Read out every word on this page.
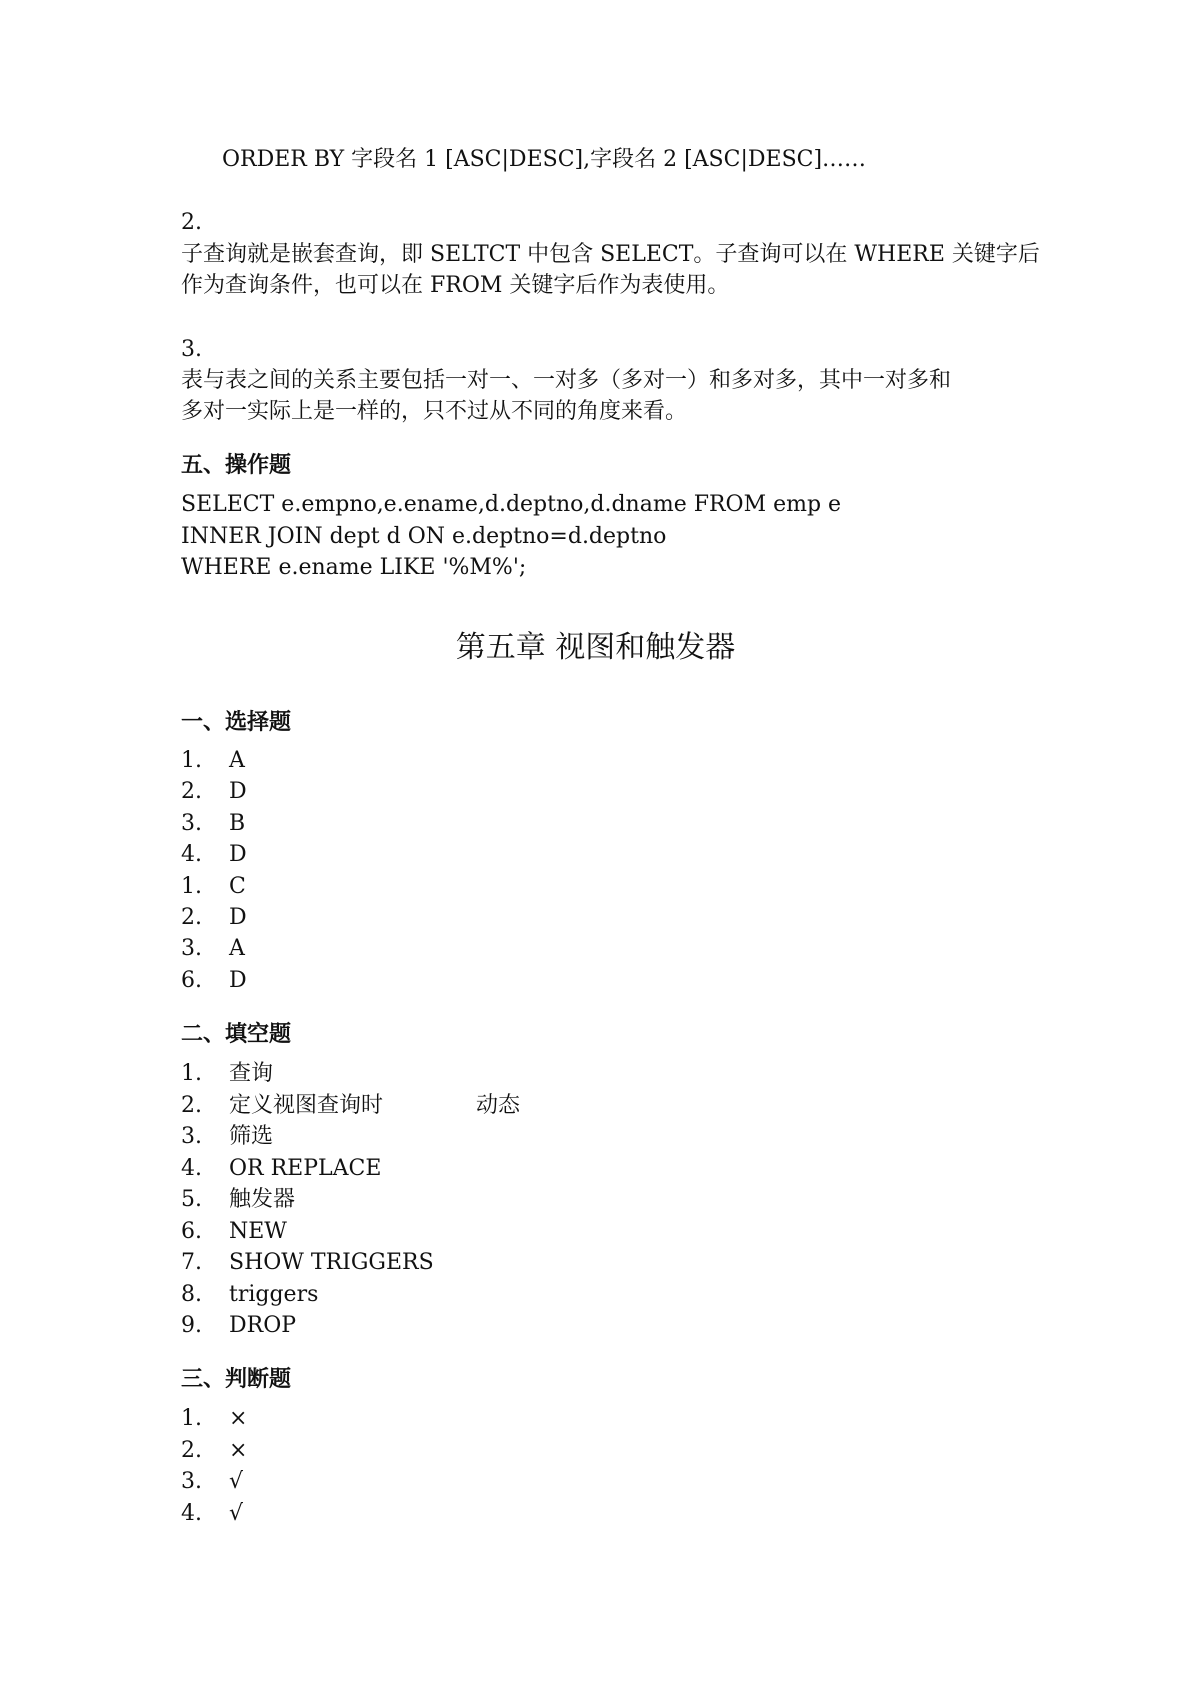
ORDER BY 字段名 1 [ASC|DESC],字段名 2 [ASC|DESC]……
2.
子查询就是嵌套查询，即 SELTCT 中包含 SELECT。子查询可以在 WHERE 关键字后
作为查询条件，也可以在 FROM 关键字后作为表使用。
3.
表与表之间的关系主要包括一对一、一对多（多对一）和多对多，其中一对多和
多对一实际上是一样的，只不过从不同的角度来看。
五、操作题
SELECT e.empno,e.ename,d.deptno,d.dname FROM emp e
INNER JOIN dept d ON e.deptno=d.deptno
WHERE e.ename LIKE '%M%';
第五章 视图和触发器
一、选择题
1. A
2. D
3. B
4. D
1. C
2. D
3. A
6. D
二、填空题
1. 查询
2. 定义视图查询时	动态
3. 筛选
4. OR REPLACE
5. 触发器
6. NEW
7. SHOW TRIGGERS
8. triggers
9. DROP
三、判断题
1. ×
2. ×
3. √
4. √
